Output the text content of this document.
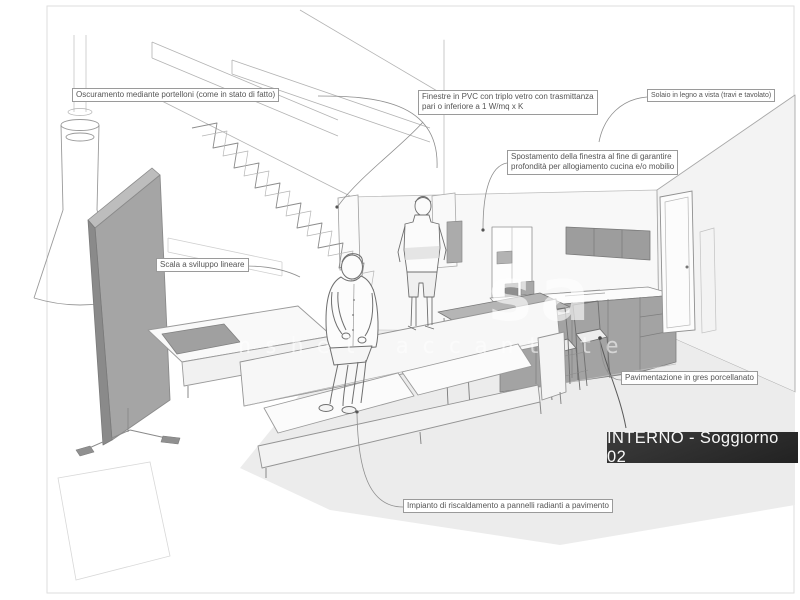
sa
nshel accant te
Oscuramento mediante portelloni (come in stato di fatto)	Finestre in PVC con triplo vetro con trasmittanza
pari o inferiore a 1 W/mq x K
Solaio in legno a vista (travi e tavolato)
Spostamento della finestra al fine di garantire
profondità per allogiamento cucina e/o mobilio
Scala a sviluppo lineare
Pavimentazione in gres porcellanato
Impianto di riscaldamento a pannelli radianti a pavimento
INTERNO - Soggiorno 02
